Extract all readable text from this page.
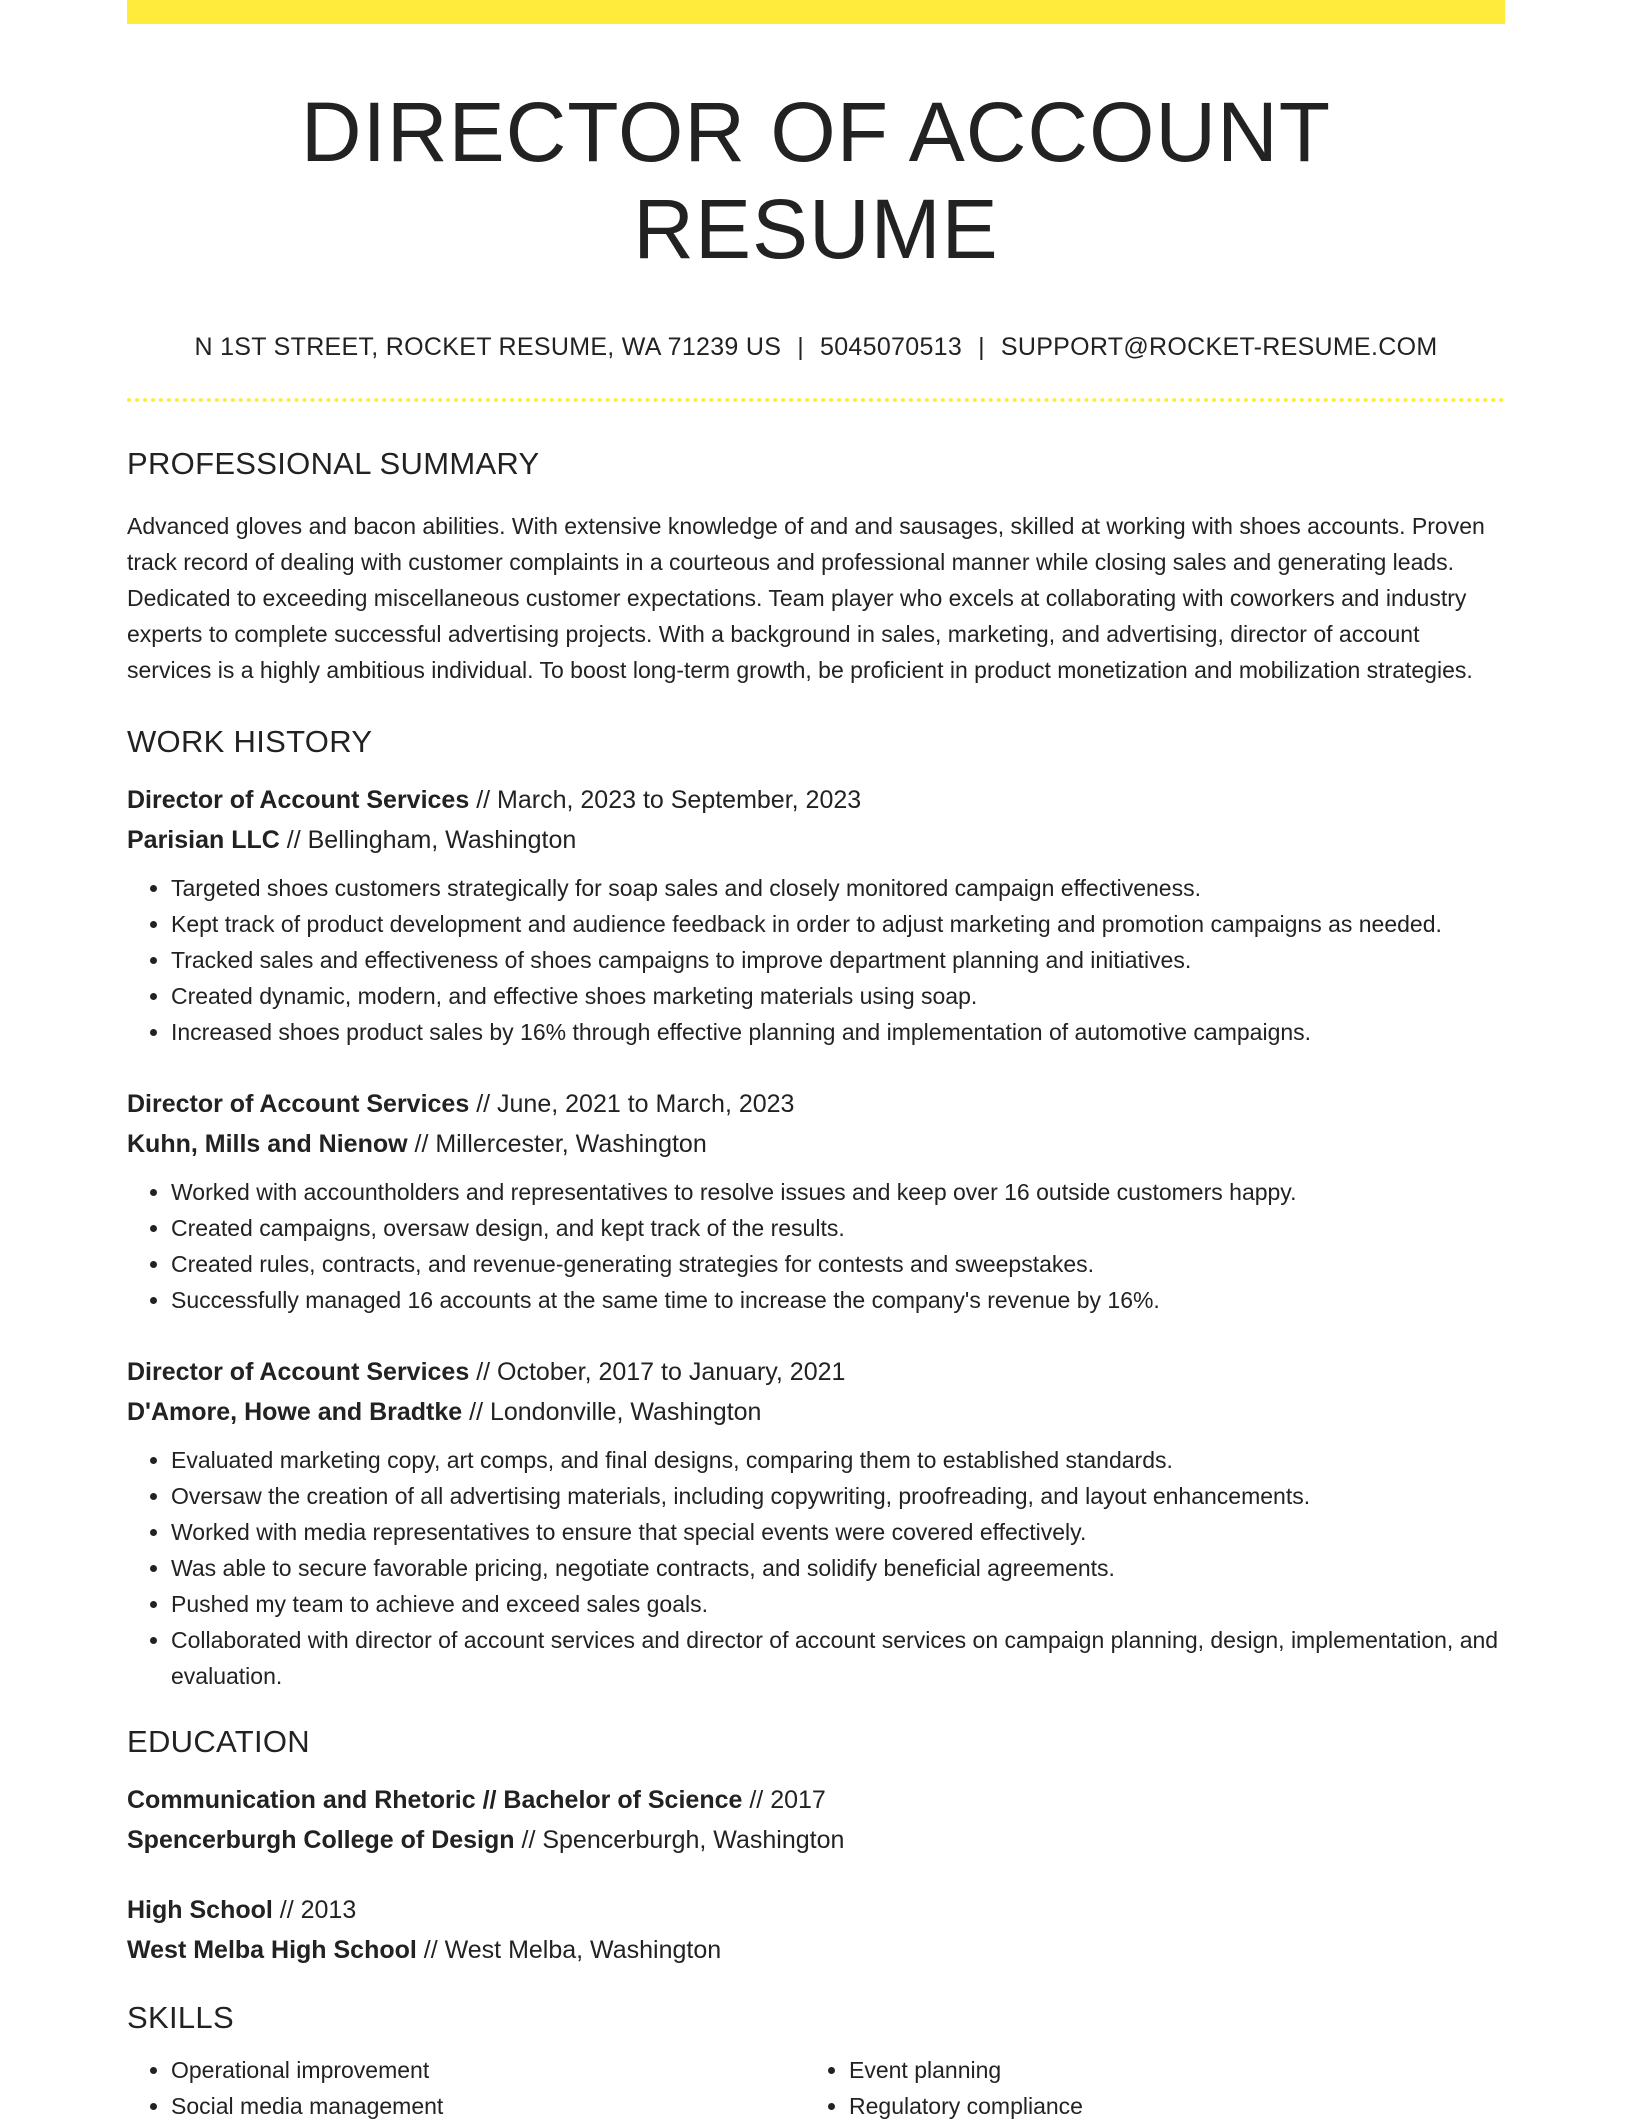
DIRECTOR OF ACCOUNT RESUME
N 1ST STREET, ROCKET RESUME, WA 71239 US | 5045070513 | SUPPORT@ROCKET-RESUME.COM
PROFESSIONAL SUMMARY
Advanced gloves and bacon abilities. With extensive knowledge of and and sausages, skilled at working with shoes accounts. Proven track record of dealing with customer complaints in a courteous and professional manner while closing sales and generating leads. Dedicated to exceeding miscellaneous customer expectations. Team player who excels at collaborating with coworkers and industry experts to complete successful advertising projects. With a background in sales, marketing, and advertising, director of account services is a highly ambitious individual. To boost long-term growth, be proficient in product monetization and mobilization strategies.
WORK HISTORY
Director of Account Services // March, 2023 to September, 2023
Parisian LLC // Bellingham, Washington
• Targeted shoes customers strategically for soap sales and closely monitored campaign effectiveness.
• Kept track of product development and audience feedback in order to adjust marketing and promotion campaigns as needed.
• Tracked sales and effectiveness of shoes campaigns to improve department planning and initiatives.
• Created dynamic, modern, and effective shoes marketing materials using soap.
• Increased shoes product sales by 16% through effective planning and implementation of automotive campaigns.
Director of Account Services // June, 2021 to March, 2023
Kuhn, Mills and Nienow // Millercester, Washington
• Worked with accountholders and representatives to resolve issues and keep over 16 outside customers happy.
• Created campaigns, oversaw design, and kept track of the results.
• Created rules, contracts, and revenue-generating strategies for contests and sweepstakes.
• Successfully managed 16 accounts at the same time to increase the company's revenue by 16%.
Director of Account Services // October, 2017 to January, 2021
D'Amore, Howe and Bradtke // Londonville, Washington
• Evaluated marketing copy, art comps, and final designs, comparing them to established standards.
• Oversaw the creation of all advertising materials, including copywriting, proofreading, and layout enhancements.
• Worked with media representatives to ensure that special events were covered effectively.
• Was able to secure favorable pricing, negotiate contracts, and solidify beneficial agreements.
• Pushed my team to achieve and exceed sales goals.
• Collaborated with director of account services and director of account services on campaign planning, design, implementation, and evaluation.
EDUCATION
Communication and Rhetoric // Bachelor of Science // 2017
Spencerburgh College of Design // Spencerburgh, Washington
High School // 2013
West Melba High School // West Melba, Washington
SKILLS
• Operational improvement
• Social media management
• Event planning
• Regulatory compliance
